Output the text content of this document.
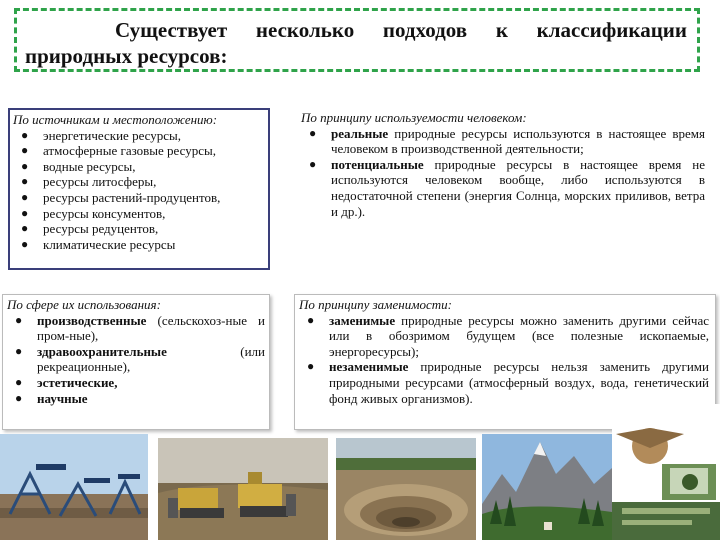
Существует несколько подходов к классификации природных ресурсов:
По источникам и местоположению:
● энергетические ресурсы,
● атмосферные газовые ресурсы,
● водные ресурсы,
● ресурсы литосферы,
● ресурсы растений-продуцентов,
● ресурсы консументов,
● ресурсы редуцентов,
● климатические ресурсы
По принципу используемости человеком:
● реальные природные ресурсы используются в настоящее время человеком в производственной деятельности;
● потенциальные природные ресурсы в настоящее время не используются человеком вообще, либо используются в недостаточной степени (энергия Солнца, морских приливов, ветра и др.).
По сфере их использования:
● производственные (сельскохоз-ные и пром-ные),
● здравоохранительные (или рекреационные),
● эстетические,
● научные
По принципу заменимости:
● заменимые природные ресурсы можно заменить другими сейчас или в обозримом будущем (все полезные ископаемые, энергоресурсы);
● незаменимые природные ресурсы нельзя заменить другими природными ресурсами (атмосферный воздух, вода, генетический фонд живых организмов).
